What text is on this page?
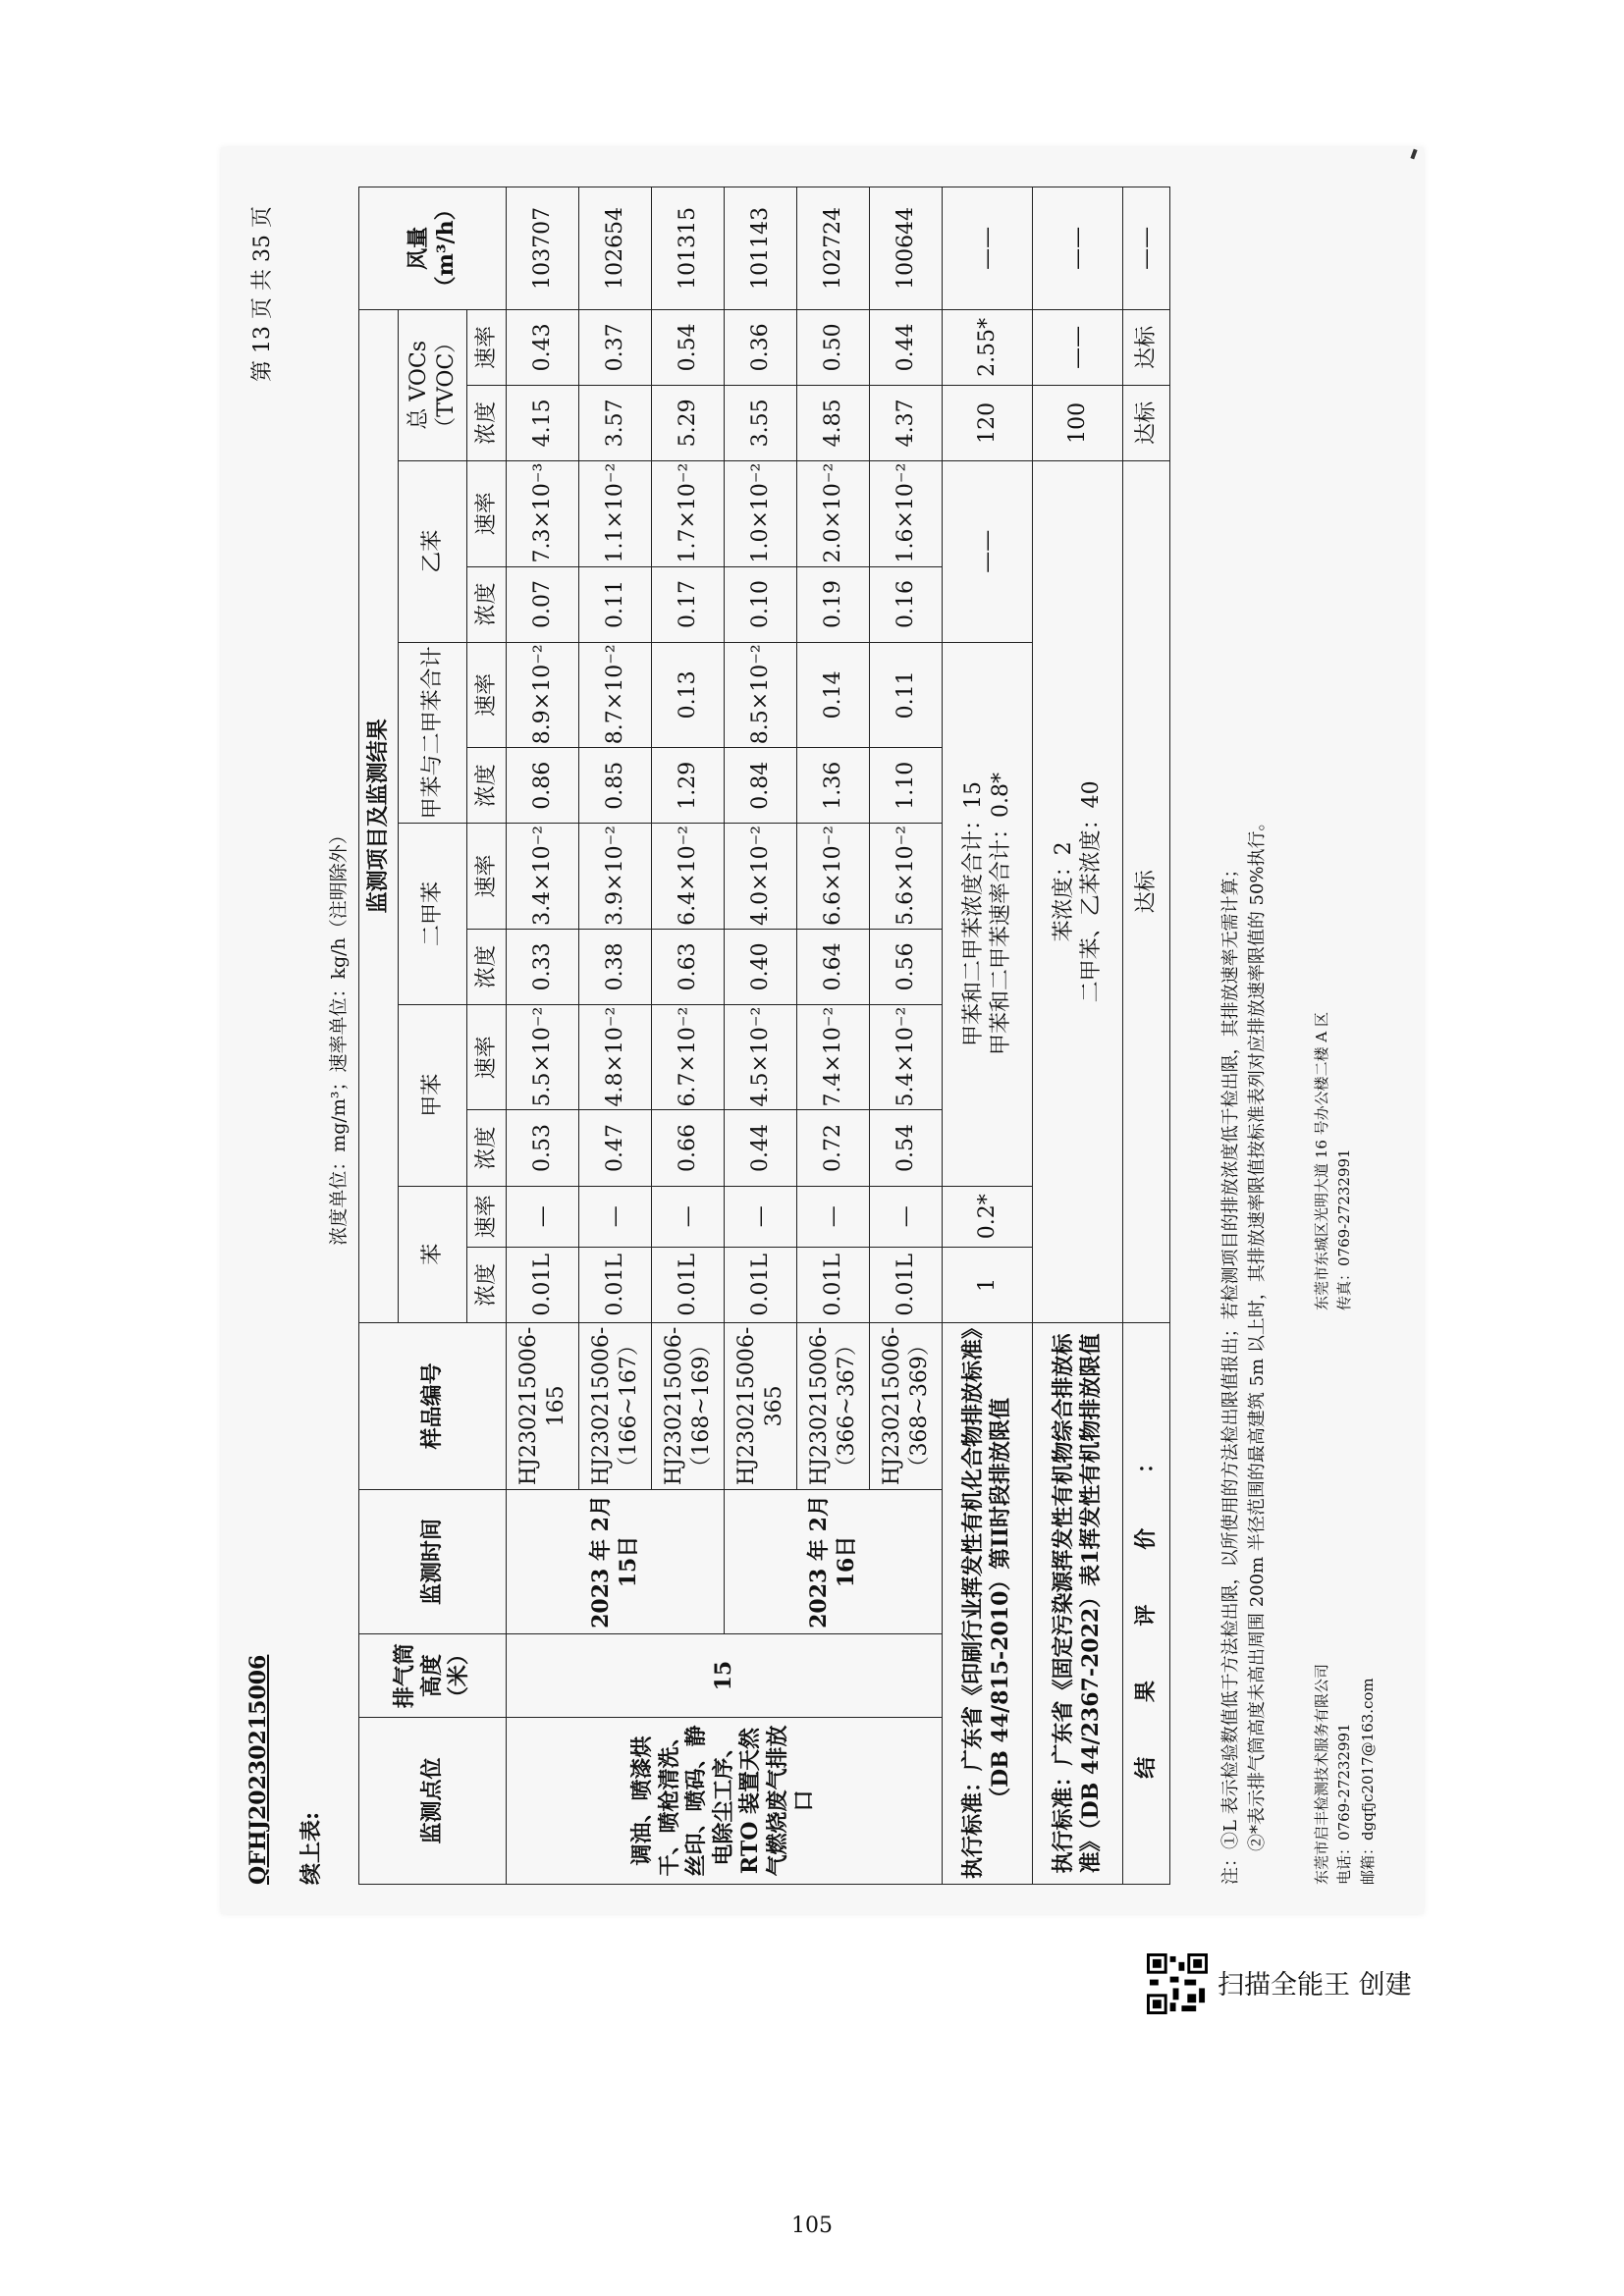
QFHJ20230215006
第 13 页 共 35 页
续上表:
浓度单位：mg/m³；速率单位：kg/h（注明除外）
监测点位	排气筒高度（米）	监测时间	样品编号	监测项目及监测结果												风量（m³/h）
				苯		甲苯		二甲苯		甲苯与二甲苯合计		乙苯		总 VOCs（TVOC）		
				浓度	速率	浓度	速率	浓度	速率	浓度	速率	浓度	速率	浓度	速率	
调油、喷漆烘干、喷枪清洗、丝印、喷码、静电除尘工序、RTO 装置天然气燃烧废气排放口	15	2023 年 2月15日	HJ230215006-165	0.01L	—	0.53	5.5×10⁻²	0.33	3.4×10⁻²	0.86	8.9×10⁻²	0.07	7.3×10⁻³	4.15	0.43	103707
			HJ230215006-（166~167）	0.01L	—	0.47	4.8×10⁻²	0.38	3.9×10⁻²	0.85	8.7×10⁻²	0.11	1.1×10⁻²	3.57	0.37	102654
			HJ230215006-（168~169）	0.01L	—	0.66	6.7×10⁻²	0.63	6.4×10⁻²	1.29	0.13	0.17	1.7×10⁻²	5.29	0.54	101315
		2023 年 2月16日	HJ230215006-365	0.01L	—	0.44	4.5×10⁻²	0.40	4.0×10⁻²	0.84	8.5×10⁻²	0.10	1.0×10⁻²	3.55	0.36	101143
			HJ230215006-（366~367）	0.01L	—	0.72	7.4×10⁻²	0.64	6.6×10⁻²	1.36	0.14	0.19	2.0×10⁻²	4.85	0.50	102724
			HJ230215006-（368~369）	0.01L	—	0.54	5.4×10⁻²	0.56	5.6×10⁻²	1.10	0.11	0.16	1.6×10⁻²	4.37	0.44	100644
执行标准：广东省《印刷行业挥发性有机化合物排放标准》（DB 44/815-2010）第II时段排放限值				1	0.2*	甲苯和二甲苯浓度合计：15 甲苯和二甲苯速率合计：0.8*						——		120	2.55*	——
执行标准：广东省《固定污染源挥发性有机物综合排放标准》（DB 44/2367-2022）表1挥发性有机物排放限值				苯浓度：2 二甲苯、乙苯浓度：40										100	——	——
结 果 评 价 ：				达标										达标	达标	——
注：①L 表示检验数值低于方法检出限，以所使用的方法检出限值报出；若检测项目的排放浓度低于检出限，其排放速率无需计算； ②*表示排气筒高度未高出周围 200m 半径范围的最高建筑 5m 以上时，其排放速率限值按标准表列对应排放速率限值的 50%执行。	东莞市启丰检测技术服务有限公司 电话：0769-27232991 邮箱：dgqfjc2017@163.com
东莞市东城区光明大道 16 号办公楼二楼 A 区 传真：0769-27232991
扫描全能王 创建
105
